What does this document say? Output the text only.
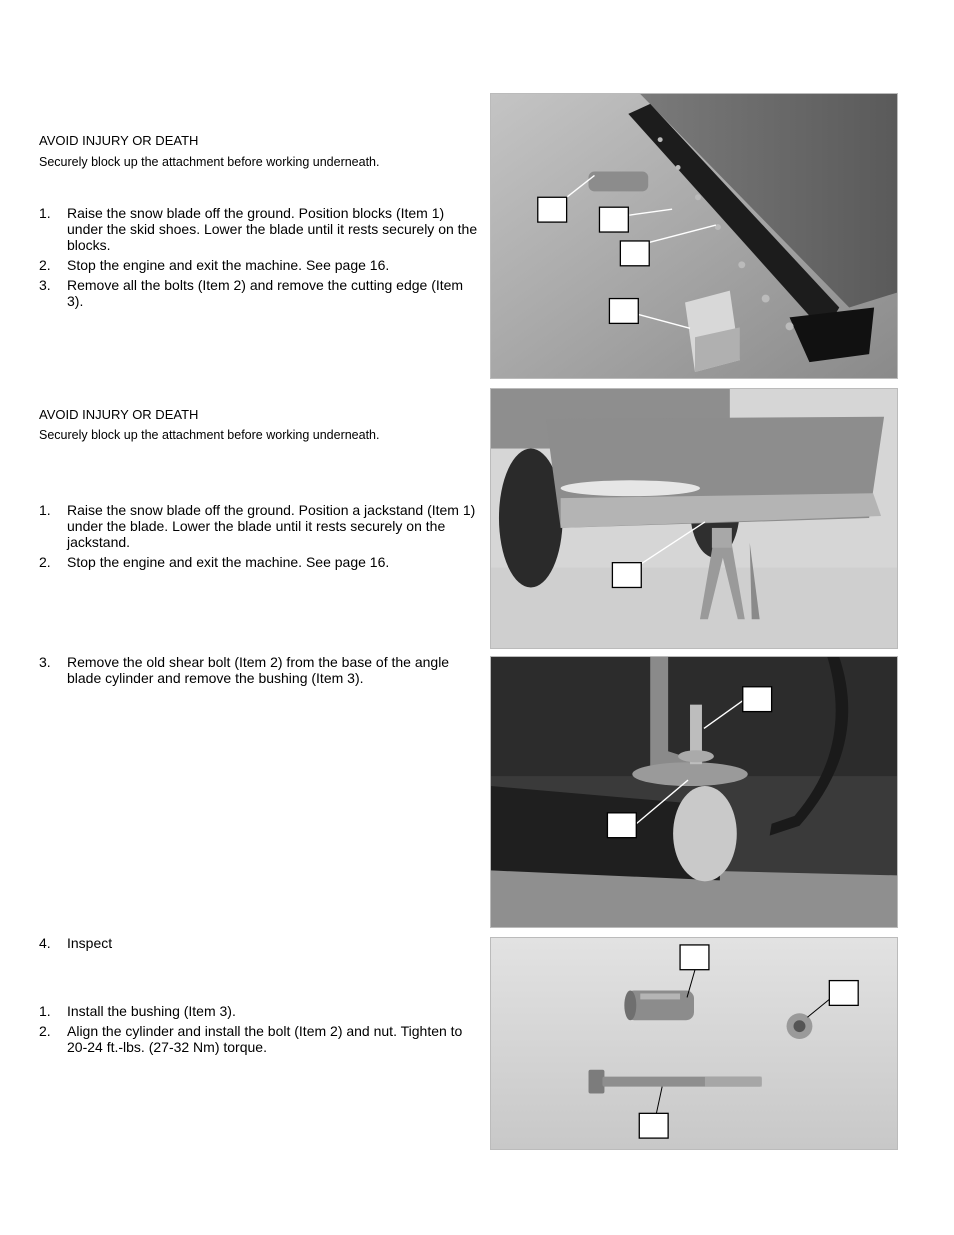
AVOID INJURY OR DEATH
Securely block up the attachment before working underneath.
1. Raise the snow blade off the ground. Position blocks (Item 1) under the skid shoes. Lower the blade until it rests securely on the blocks.
2. Stop the engine and exit the machine. See page 16.
3. Remove all the bolts (Item 2) and remove the cutting edge (Item 3).
AVOID INJURY OR DEATH
Securely block up the attachment before working underneath.
1. Raise the snow blade off the ground. Position a jackstand (Item 1) under the blade. Lower the blade until it rests securely on the jackstand.
2. Stop the engine and exit the machine. See page 16.
3. Remove the old shear bolt (Item 2) from the base of the angle blade cylinder and remove the bushing (Item 3).
4. Inspect
1. Install the bushing (Item 3).
2. Align the cylinder and install the bolt (Item 2) and nut. Tighten to 20-24 ft.-lbs. (27-32 Nm) torque.
